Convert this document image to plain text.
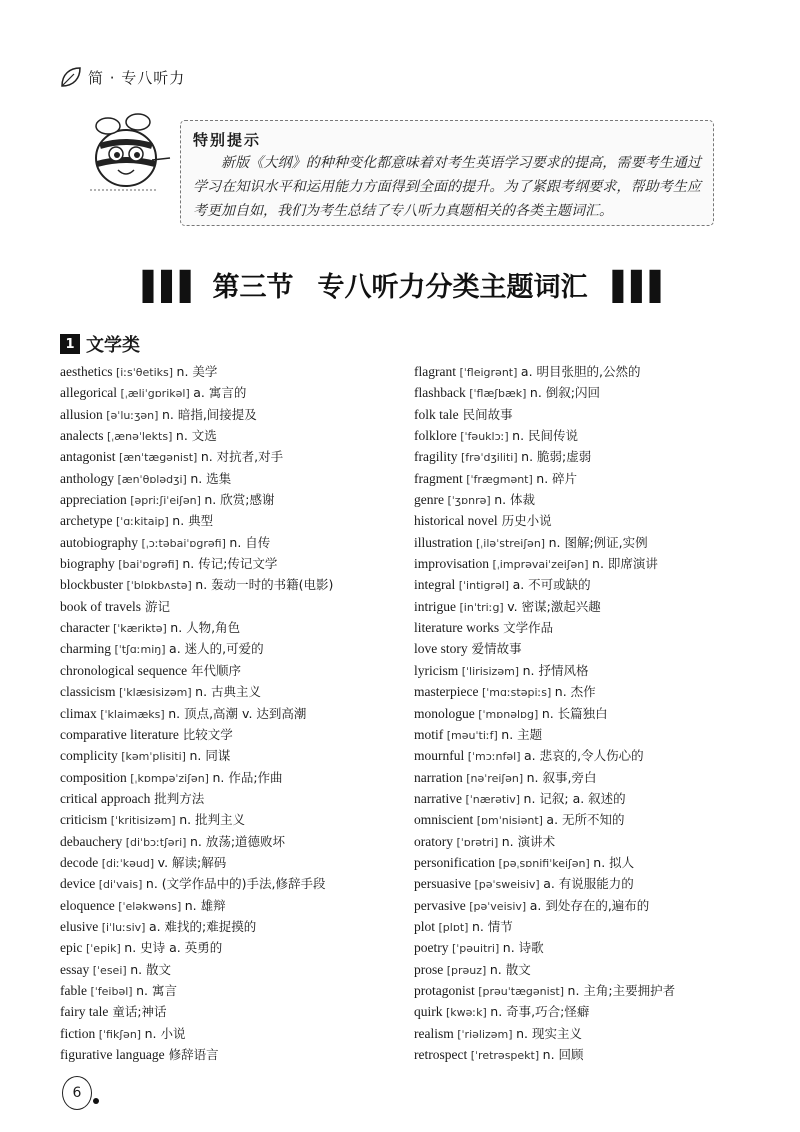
简 · 专八听力
特别提示
新版《大纲》的种种变化都意味着对考生英语学习要求的提高，需要考生通过学习在知识水平和运用能力方面得到全面的提升。为了紧跟考纲要求，帮助考生应考更加自如，我们为考生总结了专八听力真题相关的各类主题词汇。
▌▌▌ 第三节 专八听力分类主题词汇 ▐▐▐
1 文学类
aesthetics [iːsˈθetiks] n. 美学
allegorical [ˌæliˈgɒrikəl] a. 寓言的
allusion [əˈluːʒən] n. 暗指,间接提及
analects [ˌænəˈlekts] n. 文选
antagonist [ænˈtægənist] n. 对抗者,对手
anthology [ænˈθɒlədʒi] n. 选集
appreciation [əpriːʃiˈeiʃən] n. 欣赏;感谢
archetype [ˈɑːkitaip] n. 典型
autobiography [ˌɔːtəbaiˈɒgrəfi] n. 自传
biography [baiˈɒgrəfi] n. 传记;传记文学
blockbuster [ˈblɒkbʌstə] n. 轰动一时的书籍(电影)
book of travels 游记
character [ˈkæriktə] n. 人物,角色
charming [ˈtʃɑːmiŋ] a. 迷人的,可爱的
chronological sequence 年代顺序
classicism [ˈklæsisizəm] n. 古典主义
climax [ˈklaimæks] n. 顶点,高潮 v. 达到高潮
comparative literature 比较文学
complicity [kəmˈplisiti] n. 同谋
composition [ˌkɒmpəˈziʃən] n. 作品;作曲
critical approach 批判方法
criticism [ˈkritisizəm] n. 批判主义
debauchery [diˈbɔːtʃəri] n. 放荡;道德败坏
decode [diːˈkəud] v. 解读;解码
device [diˈvais] n. (文学作品中的)手法,修辞手段
eloquence [ˈeləkwəns] n. 雄辩
elusive [iˈluːsiv] a. 难找的;难捉摸的
epic [ˈepik] n. 史诗 a. 英勇的
essay [ˈesei] n. 散文
fable [ˈfeibəl] n. 寓言
fairy tale 童话;神话
fiction [ˈfikʃən] n. 小说
figurative language 修辞语言
flagrant [ˈfleigrənt] a. 明目张胆的,公然的
flashback [ˈflæʃbæk] n. 倒叙;闪回
folk tale 民间故事
folklore [ˈfəuklɔː] n. 民间传说
fragility [frəˈdʒiliti] n. 脆弱;虚弱
fragment [ˈfrægmənt] n. 碎片
genre [ˈʒɒnrə] n. 体裁
historical novel 历史小说
illustration [ˌiləˈstreiʃən] n. 图解;例证,实例
improvisation [ˌimprəvaiˈzeiʃən] n. 即席演讲
integral [ˈintigrəl] a. 不可或缺的
intrigue [inˈtriːg] v. 密谋;激起兴趣
literature works 文学作品
love story 爱情故事
lyricism [ˈlirisizəm] n. 抒情风格
masterpiece [ˈmɑːstəpiːs] n. 杰作
monologue [ˈmɒnəlɒg] n. 长篇独白
motif [məuˈtiːf] n. 主题
mournful [ˈmɔːnfəl] a. 悲哀的,令人伤心的
narration [nəˈreiʃən] n. 叙事,旁白
narrative [ˈnærətiv] n. 记叙; a. 叙述的
omniscient [ɒmˈnisiənt] a. 无所不知的
oratory [ˈɒrətri] n. 演讲术
personification [pəˌsɒnifiˈkeiʃən] n. 拟人
persuasive [pəˈsweisiv] a. 有说服能力的
pervasive [pəˈveisiv] a. 到处存在的,遍布的
plot [plɒt] n. 情节
poetry [ˈpəuitri] n. 诗歌
prose [prəuz] n. 散文
protagonist [prəuˈtægənist] n. 主角;主要拥护者
quirk [kwəːk] n. 奇事,巧合;怪癖
realism [ˈriəlizəm] n. 现实主义
retrospect [ˈretrəspekt] n. 回顾
6
